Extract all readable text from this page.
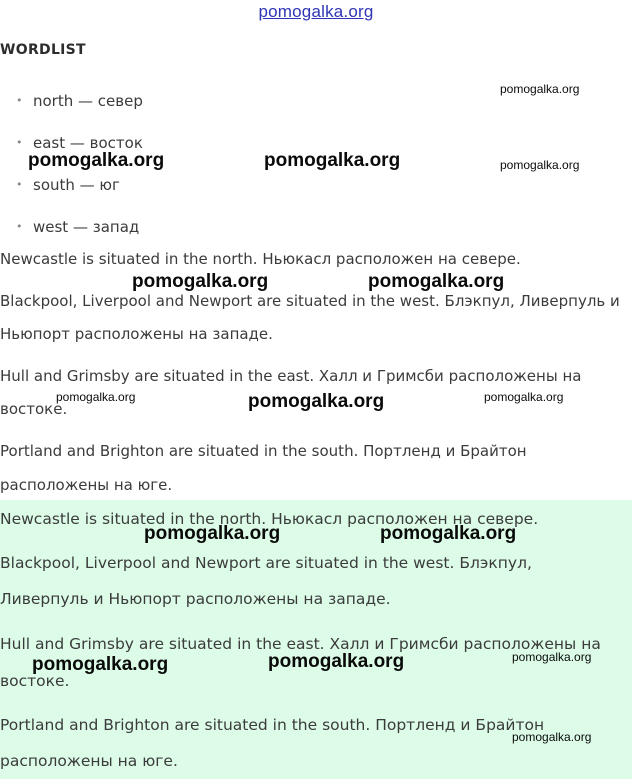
pomogalka.org
WORDLIST
• north — север
• east — восток
• south — юг
• west — запад

Newcastle is situated in the north. Ньюкасл расположен на севере.

Blackpool, Liverpool and Newport are situated in the west. Блэкпул, Ливерпуль и

Ньюпорт расположены на западе.

Hull and Grimsby are situated in the east. Халл и Гримсби расположены на

востоке.

Portland and Brighton are situated in the south. Портленд и Брайтон

расположены на юге.

Newcastle is situated in the north. Ньюкасл расположен на севере.

Blackpool, Liverpool and Newport are situated in the west. Блэкпул,

Ливерпуль и Ньюпорт расположены на западе.

Hull and Grimsby are situated in the east. Халл и Гримсби расположены на

востоке.

Portland and Brighton are situated in the south. Портленд и Брайтон

расположены на юге.

pomogalka.org
pomogalka.org	pomogalka.org	pomogalka.org
pomogalka.org	pomogalka.org
pomogalka.org	pomogalka.org	pomogalka.org
pomogalka.org	pomogalka.org
pomogalka.org	pomogalka.org	pomogalka.org
pomogalka.org
